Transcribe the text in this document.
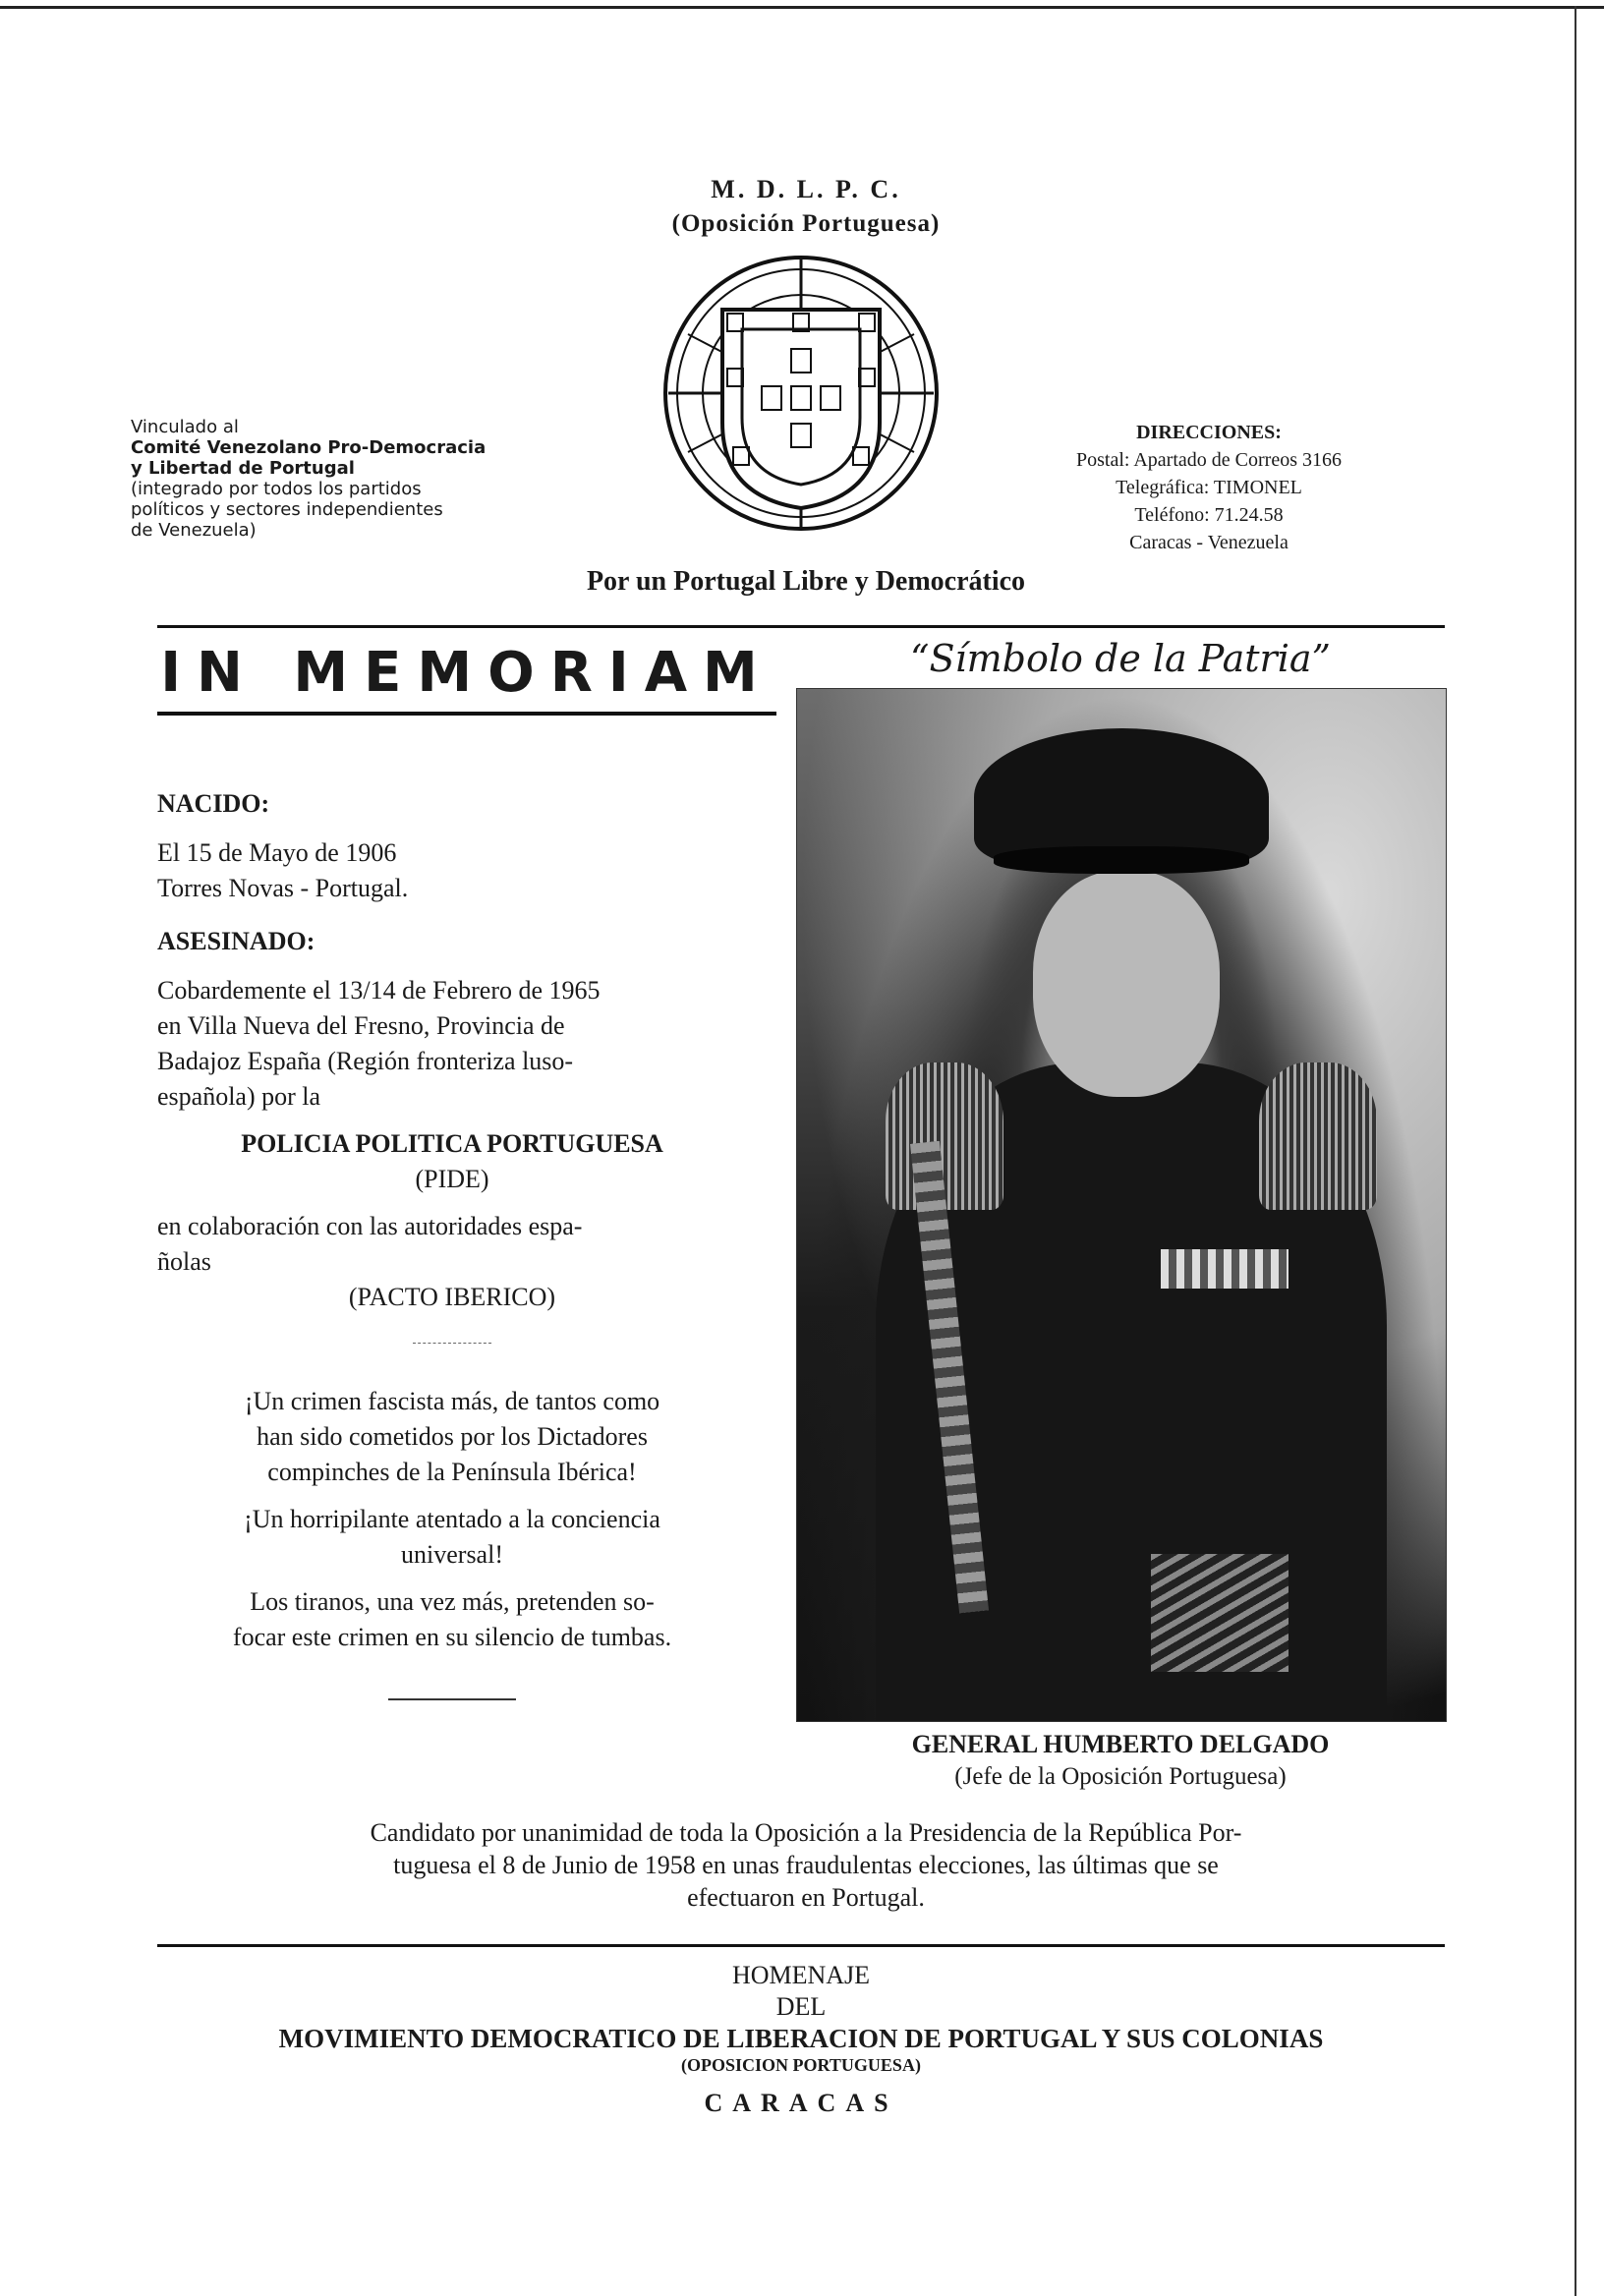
M. D. L. P. C.
(Oposición Portuguesa)
Vinculado al
Comité Venezolano Pro-Democracia
y Libertad de Portugal
(integrado por todos los partidos
políticos y sectores independientes
de Venezuela)
DIRECCIONES:
Postal: Apartado de Correos 3166
Telegráfica: TIMONEL
Teléfono: 71.24.58
Caracas - Venezuela
Por un Portugal Libre y Democrático
IN MEMORIAM	“Símbolo de la Patria”

NACIDO:

El 15 de Mayo de 1906

Torres Novas - Portugal.

ASESINADO:

Cobardemente el 13/14 de Febrero de 1965

en Villa Nueva del Fresno, Provincia de

Badajoz España (Región fronteriza luso-

española) por la

POLICIA POLITICA PORTUGUESA

(PIDE)

en colaboración con las autoridades espa-

ñolas

(PACTO IBERICO)

¡Un crimen fascista más, de tantos como

han sido cometidos por los Dictadores

compinches de la Península Ibérica!

¡Un horripilante atentado a la conciencia

universal!

Los tiranos, una vez más, pretenden so-

focar este crimen en su silencio de tumbas.

GENERAL HUMBERTO DELGADO
(Jefe de la Oposición Portuguesa)
Candidato por unanimidad de toda la Oposición a la Presidencia de la República Por-
tuguesa el 8 de Junio de 1958 en unas fraudulentas elecciones, las últimas que se
efectuaron en Portugal.
HOMENAJE
DEL
MOVIMIENTO DEMOCRATICO DE LIBERACION DE PORTUGAL Y SUS COLONIAS
(OPOSICION PORTUGUESA)
CARACAS
